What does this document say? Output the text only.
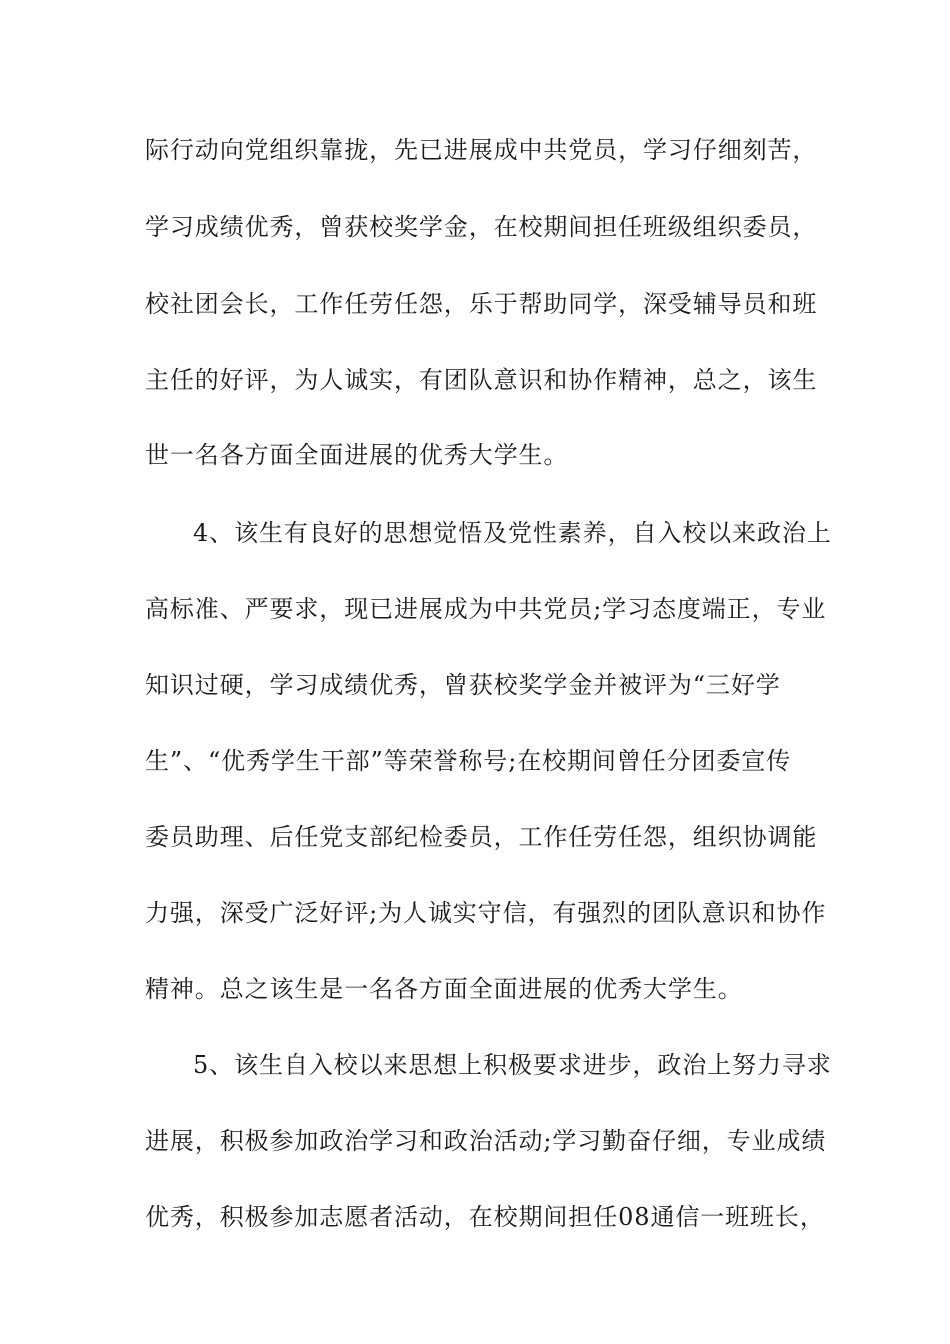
际行动向党组织靠拢，先已进展成中共党员，学习仔细刻苦，
学习成绩优秀，曾获校奖学金，在校期间担任班级组织委员，
校社团会长，工作任劳任怨，乐于帮助同学，深受辅导员和班
主任的好评，为人诚实，有团队意识和协作精神，总之，该生
世一名各方面全面进展的优秀大学生。
4、该生有良好的思想觉悟及党性素养，自入校以来政治上
高标准、严要求，现已进展成为中共党员;学习态度端正，专业
知识过硬，学习成绩优秀，曾获校奖学金并被评为“三好学
生”、“优秀学生干部”等荣誉称号;在校期间曾任分团委宣传
委员助理、后任党支部纪检委员，工作任劳任怨，组织协调能
力强，深受广泛好评;为人诚实守信，有强烈的团队意识和协作
精神。总之该生是一名各方面全面进展的优秀大学生。
5、该生自入校以来思想上积极要求进步，政治上努力寻求
进展，积极参加政治学习和政治活动;学习勤奋仔细，专业成绩
优秀，积极参加志愿者活动，在校期间担任08通信一班班长，
